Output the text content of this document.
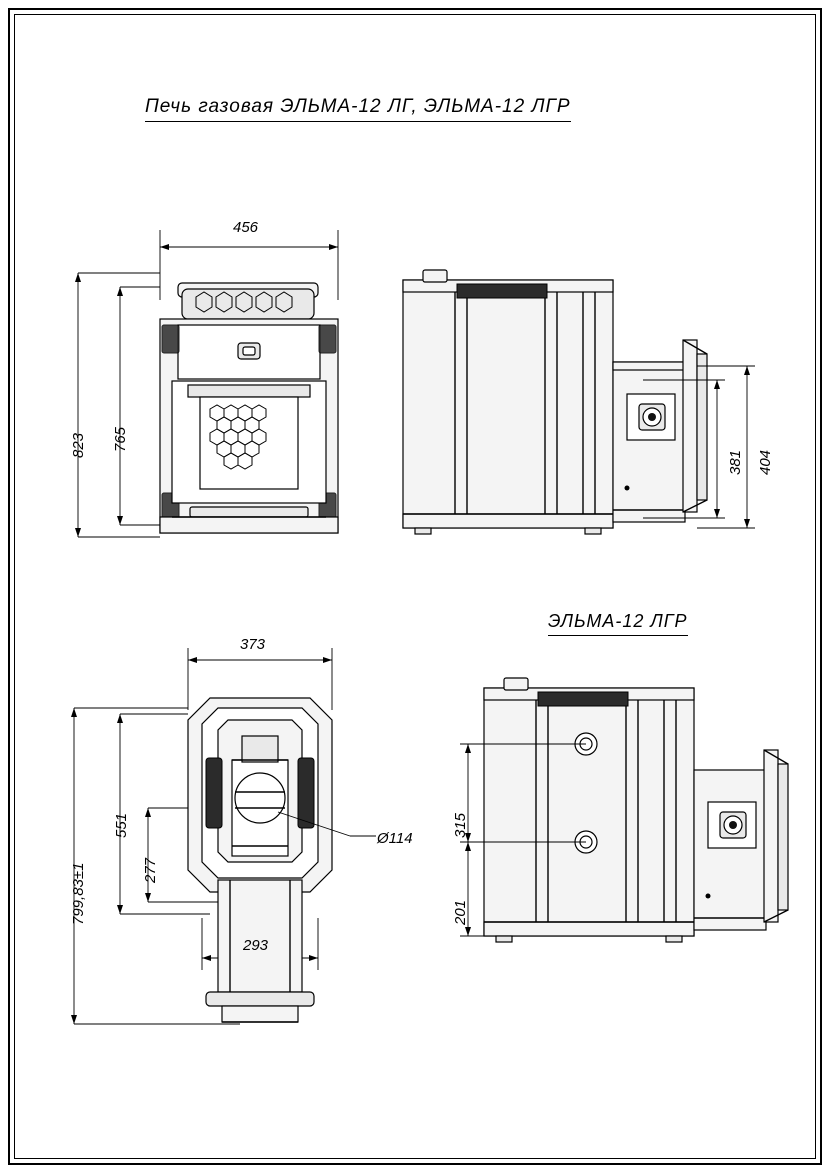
Печь газовая ЭЛЬМА-12 ЛГ, ЭЛЬМА-12 ЛГР
ЭЛЬМА-12 ЛГР
456
823 765
381 404
373
293
799,83±1
551
277
Ø114
315
201
